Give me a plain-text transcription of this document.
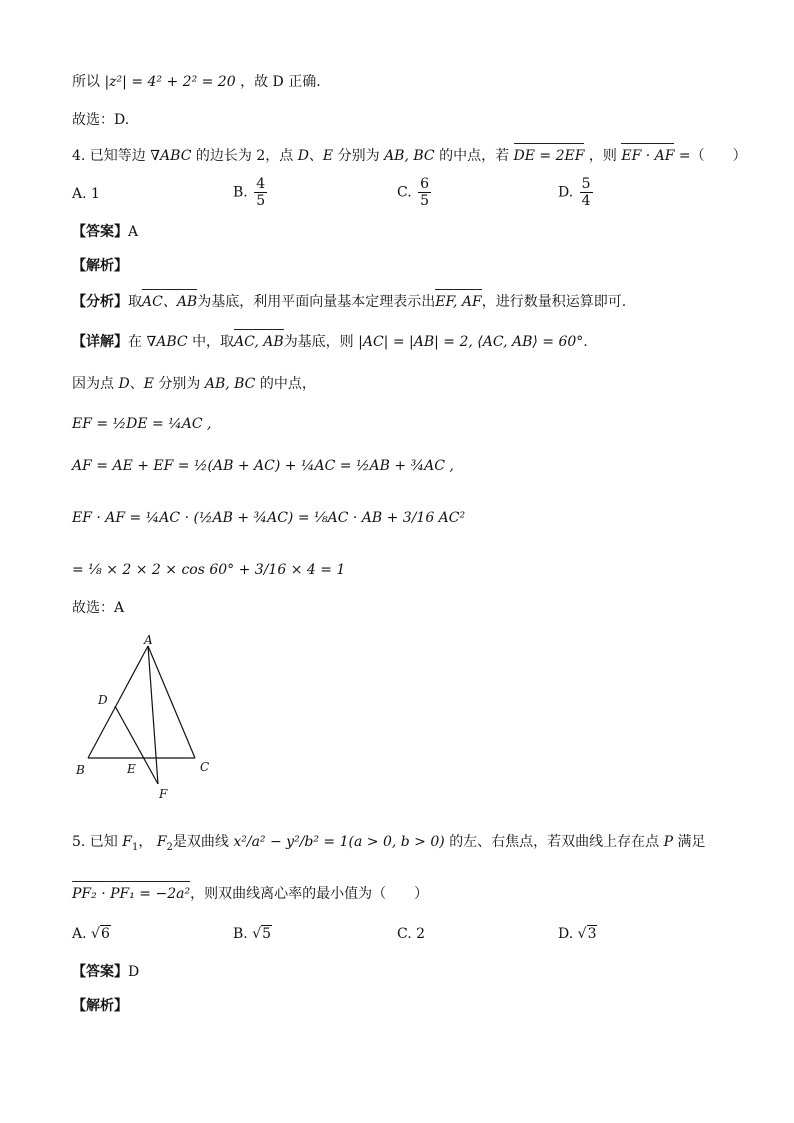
所以 |z²| = 4² + 2² = 20 ，故 D 正确.
故选：D.
4. 已知等边 ∇ABC 的边长为 2，点 D、E 分别为 AB, BC 的中点，若 DE = 2EF ，则 EF · AF =（　　）
A. 1	B. $\frac{4}{5}$	C. $\frac{6}{5}$	D. $\frac{5}{4}$
【答案】A
【解析】
【分析】取AC、AB为基底，利用平面向量基本定理表示出EF, AF，进行数量积运算即可.
【详解】在 ∇ABC 中，取AC, AB为基底，则 |AC| = |AB| = 2, ⟨AC, AB⟩ = 60°.
因为点 D、E 分别为 AB, BC 的中点，
EF = ½DE = ¼AC ,
AF = AE + EF = ½(AB + AC) + ¼AC = ½AB + ¾AC ,
EF · AF = ¼AC · (½AB + ¾AC) = ⅛AC · AB + 3/16 AC²
= ⅛ × 2 × 2 × cos 60° + 3/16 × 4 = 1
故选：A
A
B	C
D
E
F
5. 已知 $F_1$， $F_2$是双曲线 x²/a² − y²/b² = 1(a > 0, b > 0) 的左、右焦点，若双曲线上存在点 P 满足
PF₂ · PF₁ = −2a²，则双曲线离心率的最小值为（　　）
A. √6	B. √5	C. 2	D. √3
【答案】D
【解析】
